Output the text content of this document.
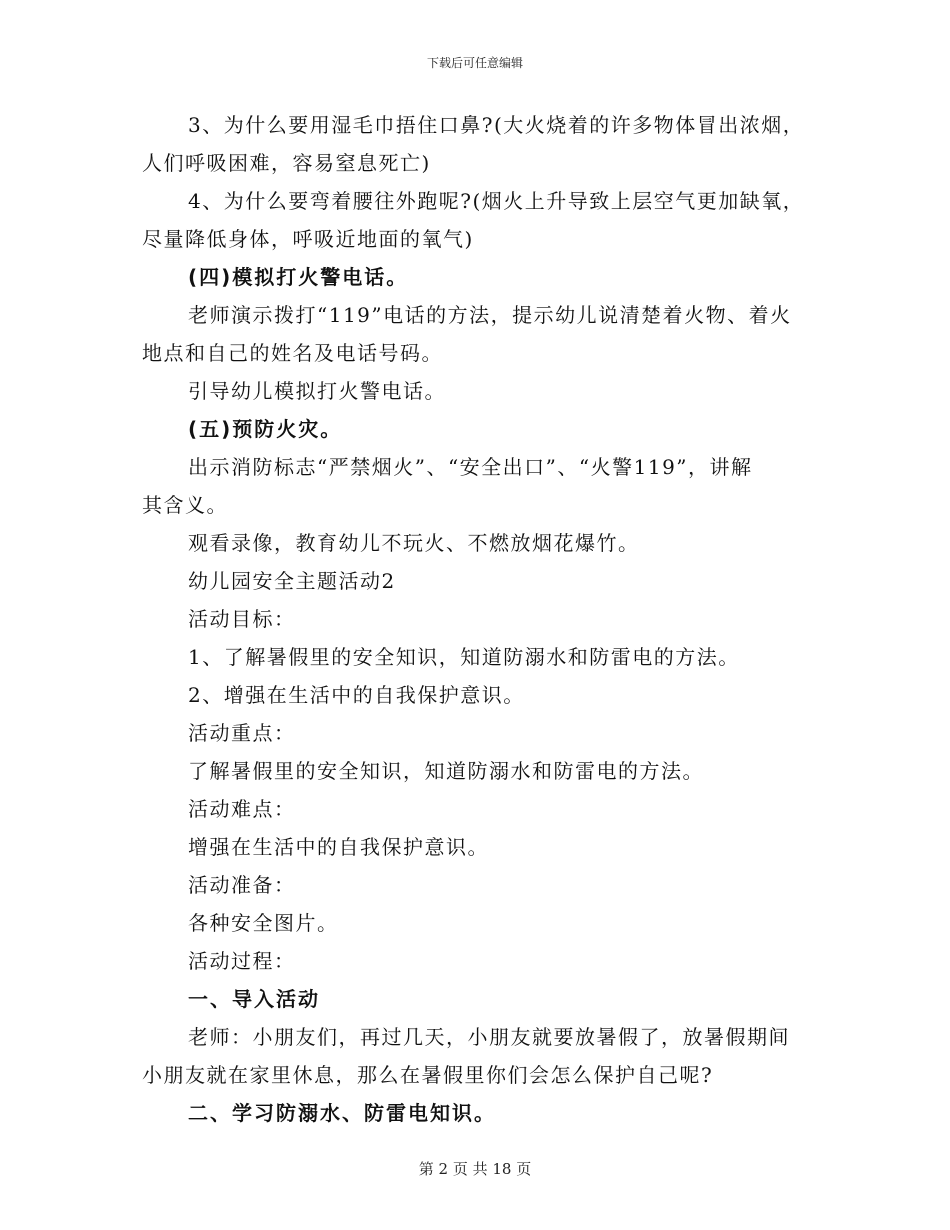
下载后可任意编辑
3、为什么要用湿毛巾捂住口鼻?(大火烧着的许多物体冒出浓烟，
人们呼吸困难，容易窒息死亡)
4、为什么要弯着腰往外跑呢?(烟火上升导致上层空气更加缺氧，
尽量降低身体，呼吸近地面的氧气)
(四)模拟打火警电话。
老师演示拨打“119”电话的方法，提示幼儿说清楚着火物、着火
地点和自己的姓名及电话号码。
引导幼儿模拟打火警电话。
(五)预防火灾。
出示消防标志“严禁烟火”、“安全出口”、“火警119”，讲解
其含义。
观看录像，教育幼儿不玩火、不燃放烟花爆竹。
幼儿园安全主题活动2
活动目标：
1、了解暑假里的安全知识，知道防溺水和防雷电的方法。
2、增强在生活中的自我保护意识。
活动重点：
了解暑假里的安全知识，知道防溺水和防雷电的方法。
活动难点：
增强在生活中的自我保护意识。
活动准备：
各种安全图片。
活动过程：
一、导入活动
老师：小朋友们，再过几天，小朋友就要放暑假了，放暑假期间
小朋友就在家里休息，那么在暑假里你们会怎么保护自己呢?
二、学习防溺水、防雷电知识。
第 2 页 共 18 页
